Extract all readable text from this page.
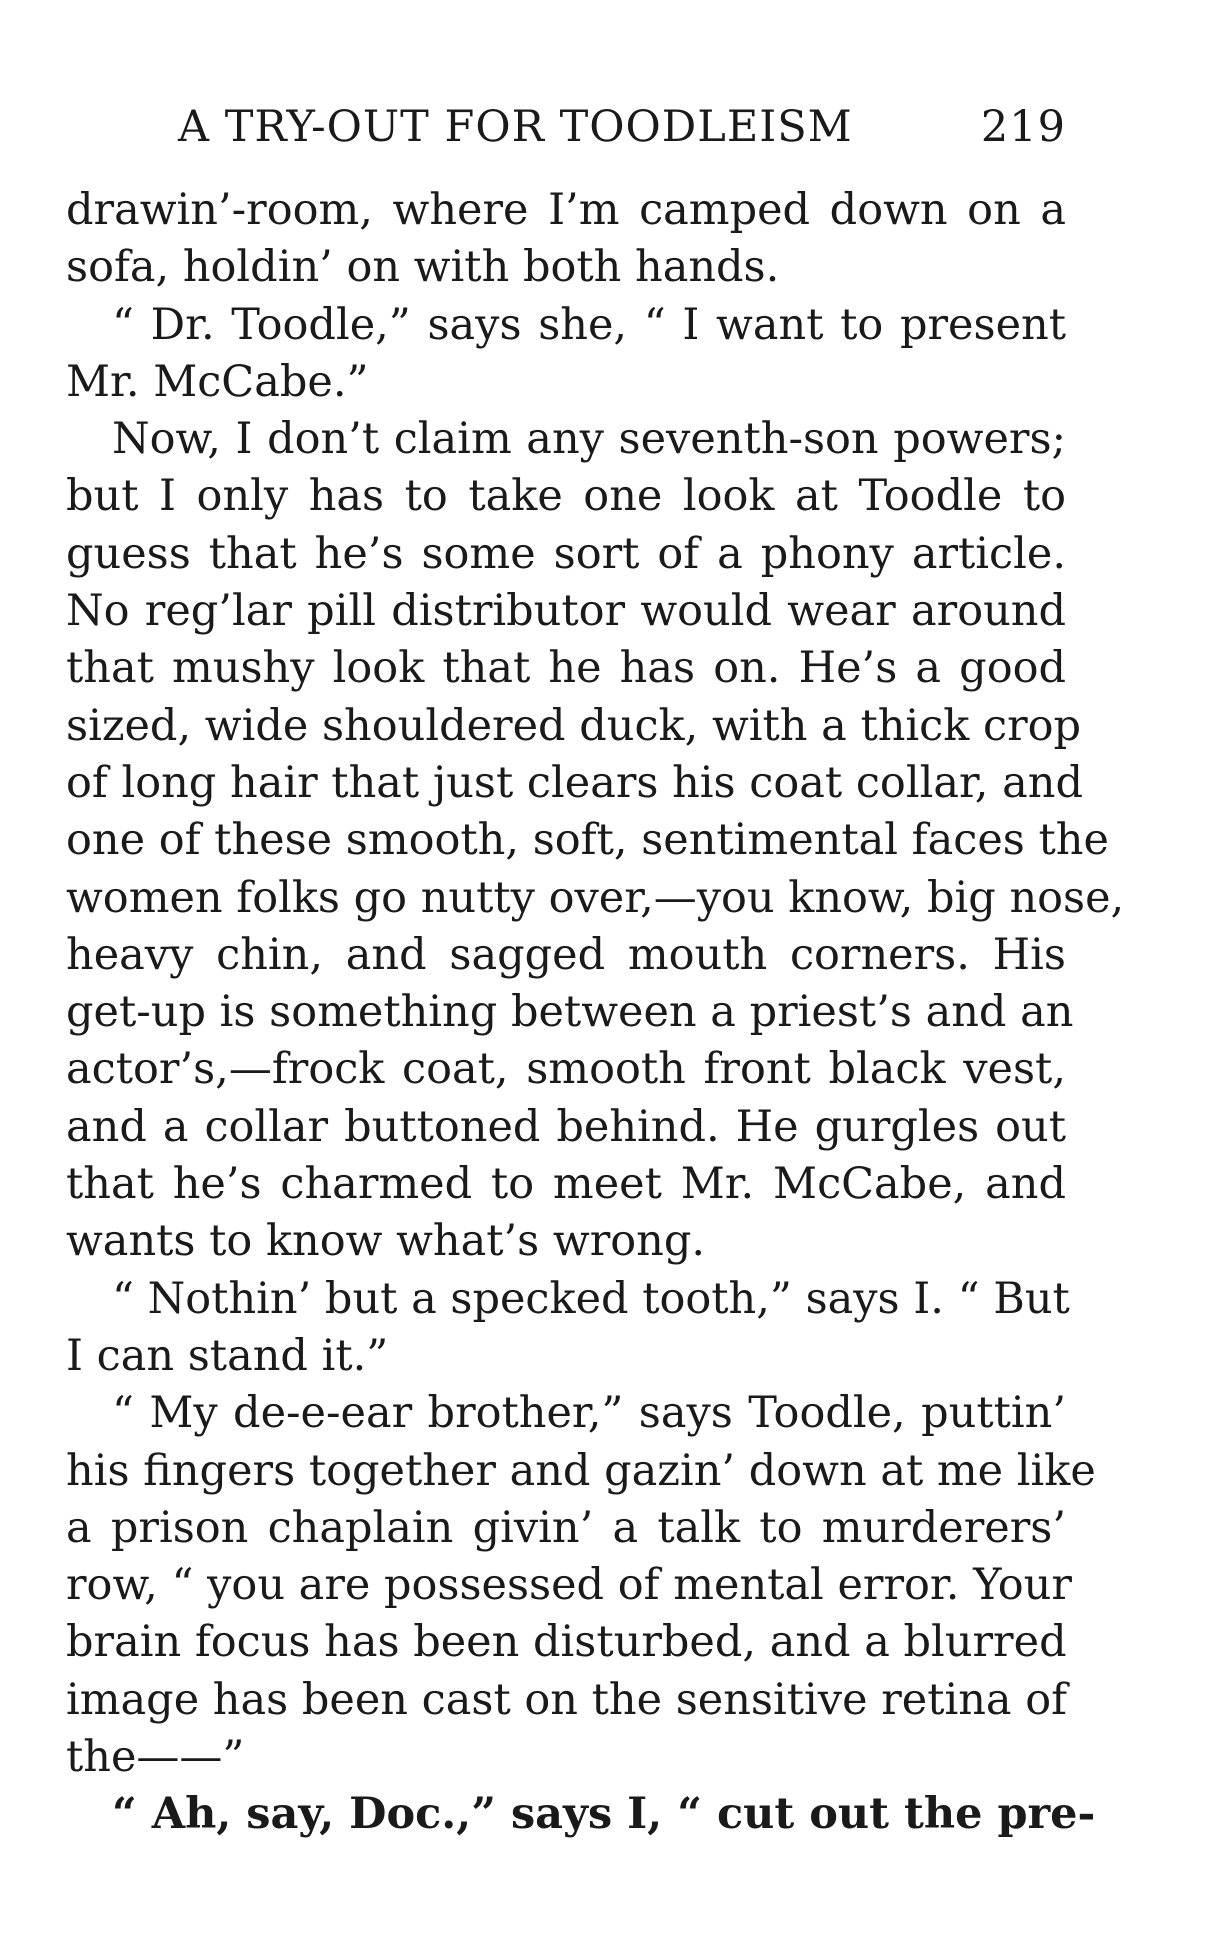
A TRY-OUT FOR TOODLEISM	219
drawin’-room, where I’m camped down on a
sofa, holdin’ on with both hands.
“ Dr. Toodle,” says she, “ I want to present
Mr. McCabe.”
Now, I don’t claim any seventh-son powers;
but I only has to take one look at Toodle to
guess that he’s some sort of a phony article.
No reg’lar pill distributor would wear around
that mushy look that he has on. He’s a good
sized, wide shouldered duck, with a thick crop
of long hair that just clears his coat collar, and
one of these smooth, soft, sentimental faces the
women folks go nutty over,—you know, big nose,
heavy chin, and sagged mouth corners. His
get-up is something between a priest’s and an
actor’s,—frock coat, smooth front black vest,
and a collar buttoned behind. He gurgles out
that he’s charmed to meet Mr. McCabe, and
wants to know what’s wrong.
“ Nothin’ but a specked tooth,” says I. “ But
I can stand it.”
“ My de-e-ear brother,” says Toodle, puttin’
his fingers together and gazin’ down at me like
a prison chaplain givin’ a talk to murderers’
row, “ you are possessed of mental error. Your
brain focus has been disturbed, and a blurred
image has been cast on the sensitive retina of
the——”
“ Ah, say, Doc.,” says I, “ cut out the pre-
